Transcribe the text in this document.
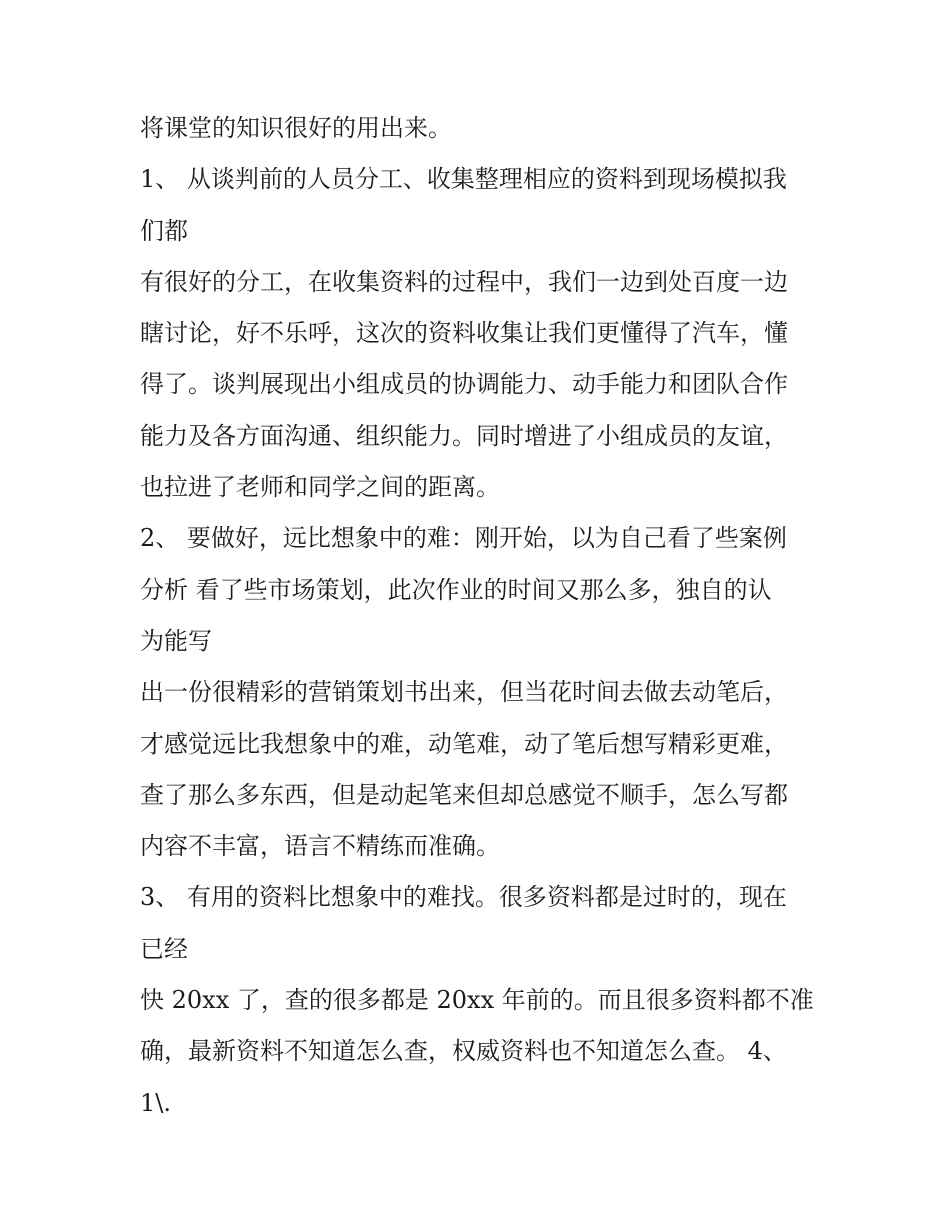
将课堂的知识很好的用出来。
1、 从谈判前的人员分工、收集整理相应的资料到现场模拟我
们都
有很好的分工，在收集资料的过程中，我们一边到处百度一边
瞎讨论，好不乐呼，这次的资料收集让我们更懂得了汽车，懂
得了。谈判展现出小组成员的协调能力、动手能力和团队合作
能力及各方面沟通、组织能力。同时增进了小组成员的友谊，
也拉进了老师和同学之间的距离。
2、 要做好，远比想象中的难：刚开始，以为自己看了些案例
分析 看了些市场策划，此次作业的时间又那么多，独自的认
为能写
出一份很精彩的营销策划书出来，但当花时间去做去动笔后，
才感觉远比我想象中的难，动笔难，动了笔后想写精彩更难，
查了那么多东西，但是动起笔来但却总感觉不顺手，怎么写都
内容不丰富，语言不精练而准确。
3、 有用的资料比想象中的难找。很多资料都是过时的，现在
已经
快 20xx 了，查的很多都是 20xx 年前的。而且很多资料都不准
确，最新资料不知道怎么查，权威资料也不知道怎么查。 4、
1\.
